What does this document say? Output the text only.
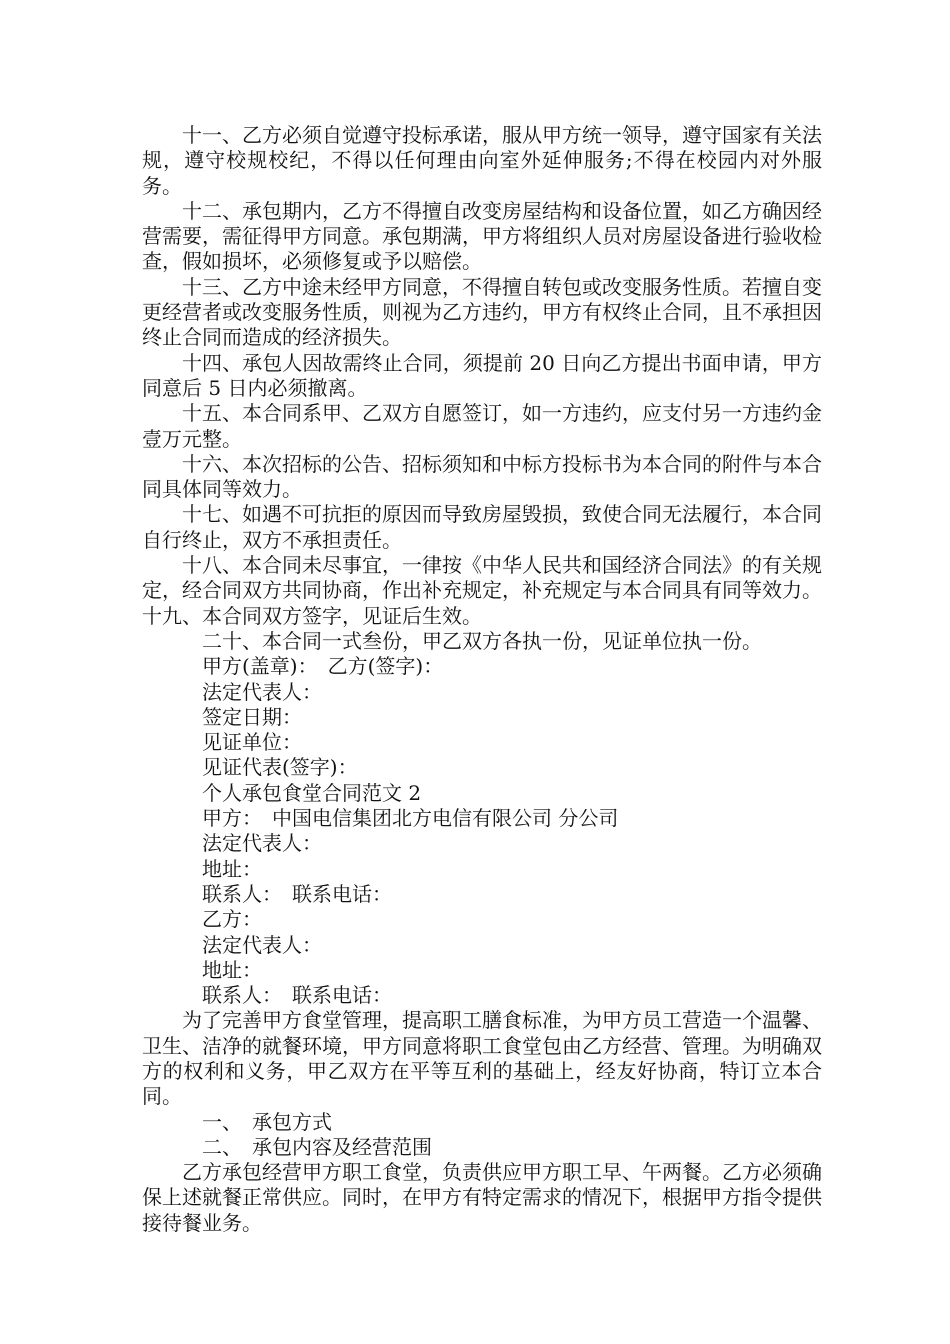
十一、乙方必须自觉遵守投标承诺，服从甲方统一领导，遵守国家有关法规，遵守校规校纪，不得以任何理由向室外延伸服务;不得在校园内对外服务。

十二、承包期内，乙方不得擅自改变房屋结构和设备位置，如乙方确因经营需要，需征得甲方同意。承包期满，甲方将组织人员对房屋设备进行验收检查，假如损坏，必须修复或予以赔偿。

十三、乙方中途未经甲方同意，不得擅自转包或改变服务性质。若擅自变更经营者或改变服务性质，则视为乙方违约，甲方有权终止合同，且不承担因终止合同而造成的经济损失。

十四、承包人因故需终止合同，须提前 20 日向乙方提出书面申请，甲方同意后 5 日内必须撤离。

十五、本合同系甲、乙双方自愿签订，如一方违约，应支付另一方违约金壹万元整。

十六、本次招标的公告、招标须知和中标方投标书为本合同的附件与本合同具体同等效力。

十七、如遇不可抗拒的原因而导致房屋毁损，致使合同无法履行，本合同自行终止，双方不承担责任。

十八、本合同未尽事宜，一律按《中华人民共和国经济合同法》的有关规定，经合同双方共同协商，作出补充规定，补充规定与本合同具有同等效力。十九、本合同双方签字，见证后生效。

二十、本合同一式叁份，甲乙双方各执一份，见证单位执一份。

甲方(盖章)：　乙方(签字)：

法定代表人：

签定日期：

见证单位：

见证代表(签字)：

个人承包食堂合同范文 2

甲方：　中国电信集团北方电信有限公司 分公司

法定代表人：

地址：

联系人：　联系电话：

乙方：

法定代表人：

地址：

联系人：　联系电话：

为了完善甲方食堂管理，提高职工膳食标准，为甲方员工营造一个温馨、卫生、洁净的就餐环境，甲方同意将职工食堂包由乙方经营、管理。为明确双方的权利和义务，甲乙双方在平等互利的基础上，经友好协商，特订立本合同。

一、　承包方式

二、　承包内容及经营范围

乙方承包经营甲方职工食堂，负责供应甲方职工早、午两餐。乙方必须确保上述就餐正常供应。同时，在甲方有特定需求的情况下，根据甲方指令提供接待餐业务。
